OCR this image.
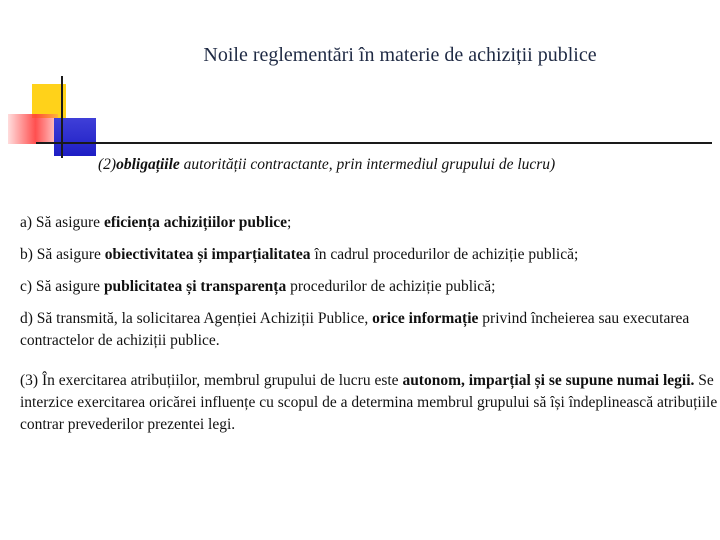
Noile reglementări în materie de achiziții publice
(2)obligațiile autorității contractante, prin intermediul grupului de lucru)

a) Să asigure eficiența achizițiilor publice;

b) Să asigure obiectivitatea și imparțialitatea în cadrul procedurilor de achiziție publică;

c) Să asigure publicitatea și transparența procedurilor de achiziție publică;

d) Să transmită, la solicitarea Agenției Achiziții Publice, orice informație privind încheierea sau executarea contractelor de achiziții publice.

(3) În exercitarea atribuțiilor, membrul grupului de lucru este autonom, imparțial și se supune numai legii. Se interzice exercitarea oricărei influențe cu scopul de a determina membrul grupului să își îndeplinească atribuțiile contrar prevederilor prezentei legi.
